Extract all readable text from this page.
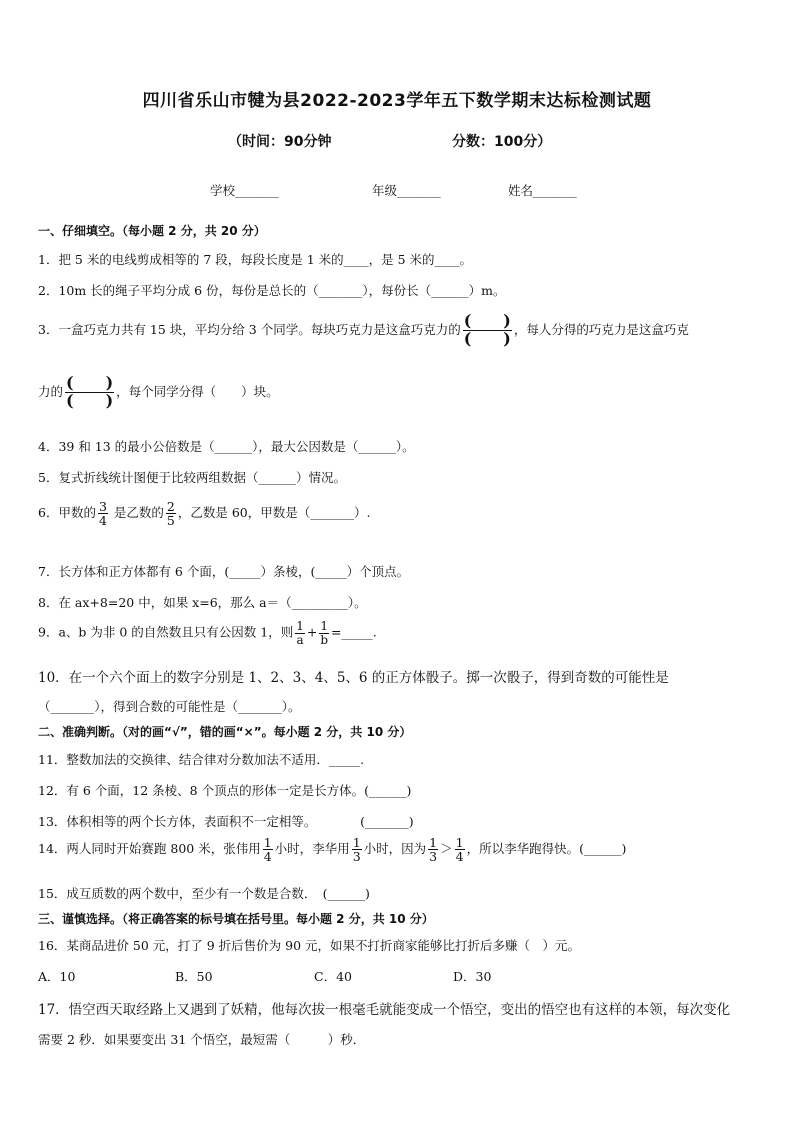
四川省乐山市犍为县2022-2023学年五下数学期末达标检测试题
（时间：90分钟	分数：100分）
学校_______	年级_______	姓名_______
一、仔细填空。（每小题 2 分，共 20 分）
1．把 5 米的电线剪成相等的 7 段，每段长度是 1 米的____，是 5 米的____。
2．10m 长的绳子平均分成 6 份，每份是总长的（_______），每份长（______）m。
3．一盒巧克力共有 15 块，平均分给 3 个同学。每块巧克力是这盒巧克力的 $\frac{( )}{( )}$ ，每人分得的巧克力是这盒巧克
力的 $\frac{( )}{( )}$ ，每个同学分得（　　）块。
4．39 和 13 的最小公倍数是（______），最大公因数是（______）。
5．复式折线统计图便于比较两组数据（______）情况。
6．甲数的 $\frac{3}{4}$ 是乙数的 $\frac{2}{5}$ ，乙数是 60，甲数是（_______）.
7．长方体和正方体都有 6 个面，(_____）条棱，(_____）个顶点。
8．在 ax+8=20 中，如果 x=6，那么 a＝（_________）。
9．a、b 为非 0 的自然数且只有公因数 1，则 $\frac{1}{a} + \frac{1}{b}$ =_____.
10．在一个六个面上的数字分别是 1、2、3、4、5、6 的正方体骰子。掷一次骰子，得到奇数的可能性是
（_______），得到合数的可能性是（_______）。
二、准确判断。（对的画“√”，错的画“×”。每小题 2 分，共 10 分）
11．整数加法的交换律、结合律对分数加法不适用．_____.
12．有 6 个面，12 条棱、8 个顶点的形体一定是长方体。(______)
13．体积相等的两个长方体，表面积不一定相等。　　　　(_______)
14．两人同时开始赛跑 800 米，张伟用 $\frac{1}{4}$ 小时，李华用 $\frac{1}{3}$ 小时，因为 $\frac{1}{3} > \frac{1}{4}$ ，所以李华跑得快。(______)
15．成互质数的两个数中，至少有一个数是合数．　(______)
三、谨慎选择。（将正确答案的标号填在括号里。每小题 2 分，共 10 分）
16．某商品进价 50 元，打了 9 折后售价为 90 元，如果不打折商家能够比打折后多赚（　）元。
A．10	B．50	C．40	D．30
17．悟空西天取经路上又遇到了妖精，他每次拔一根毫毛就能变成一个悟空，变出的悟空也有这样的本领，每次变化
需要 2 秒．如果要变出 31 个悟空，最短需（　　　）秒．
